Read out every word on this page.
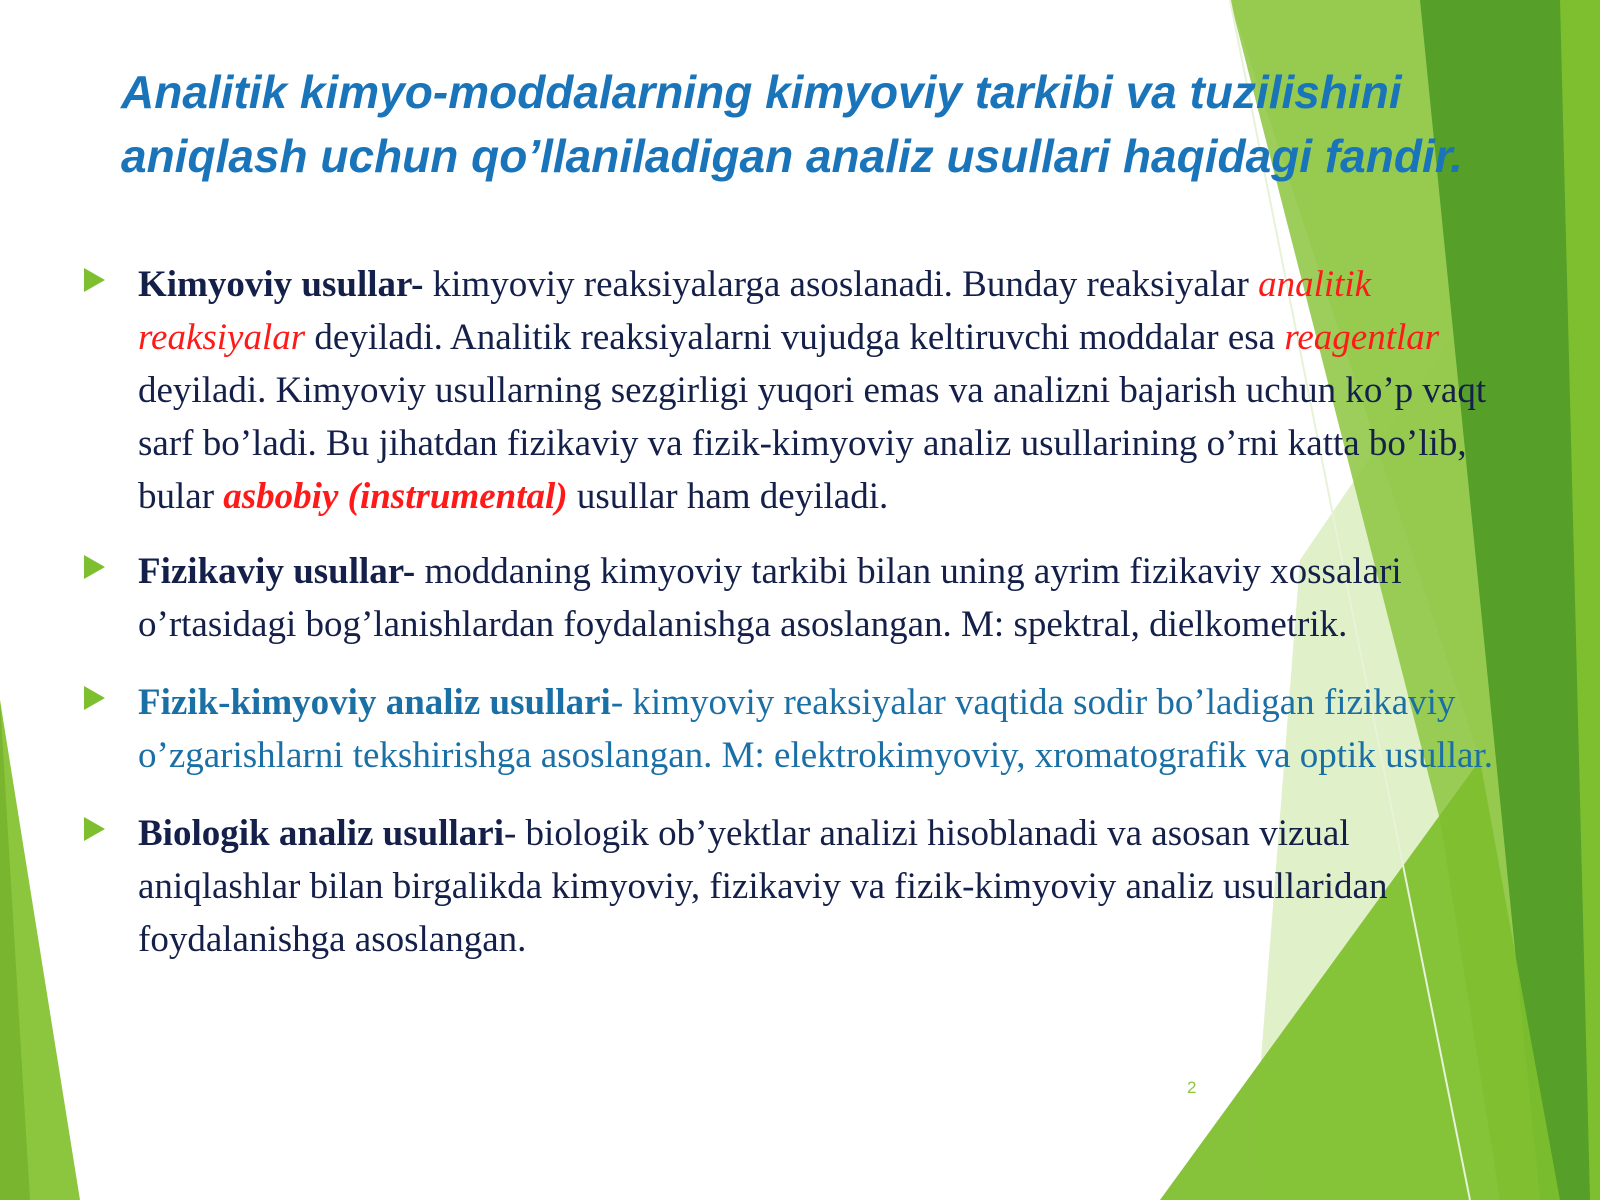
Analitik kimyo-moddalarning kimyoviy tarkibi va tuzilishini aniqlash uchun qo’llaniladigan analiz usullari haqidagi fandir.
Kimyoviy usullar- kimyoviy reaksiyalarga asoslanadi. Bunday reaksiyalar analitik reaksiyalar deyiladi. Analitik reaksiyalarni vujudga keltiruvchi moddalar esa reagentlar deyiladi. Kimyoviy usullarning sezgirligi yuqori emas va analizni bajarish uchun ko’p vaqt sarf bo’ladi. Bu jihatdan fizikaviy va fizik-kimyoviy analiz usullarining o’rni katta bo’lib, bular asbobiy (instrumental) usullar ham deyiladi.
Fizikaviy usullar- moddaning kimyoviy tarkibi bilan uning ayrim fizikaviy xossalari o’rtasidagi bog’lanishlardan foydalanishga asoslangan. M: spektral, dielkometrik.
Fizik-kimyoviy analiz usullari- kimyoviy reaksiyalar vaqtida sodir bo’ladigan fizikaviy o’zgarishlarni tekshirishga asoslangan. M: elektrokimyoviy, xromatografik va optik usullar.
Biologik analiz usullari- biologik ob’yektlar analizi hisoblanadi va asosan vizual aniqlashlar bilan birgalikda kimyoviy, fizikaviy va fizik-kimyoviy analiz usullaridan foydalanishga asoslangan.
2
